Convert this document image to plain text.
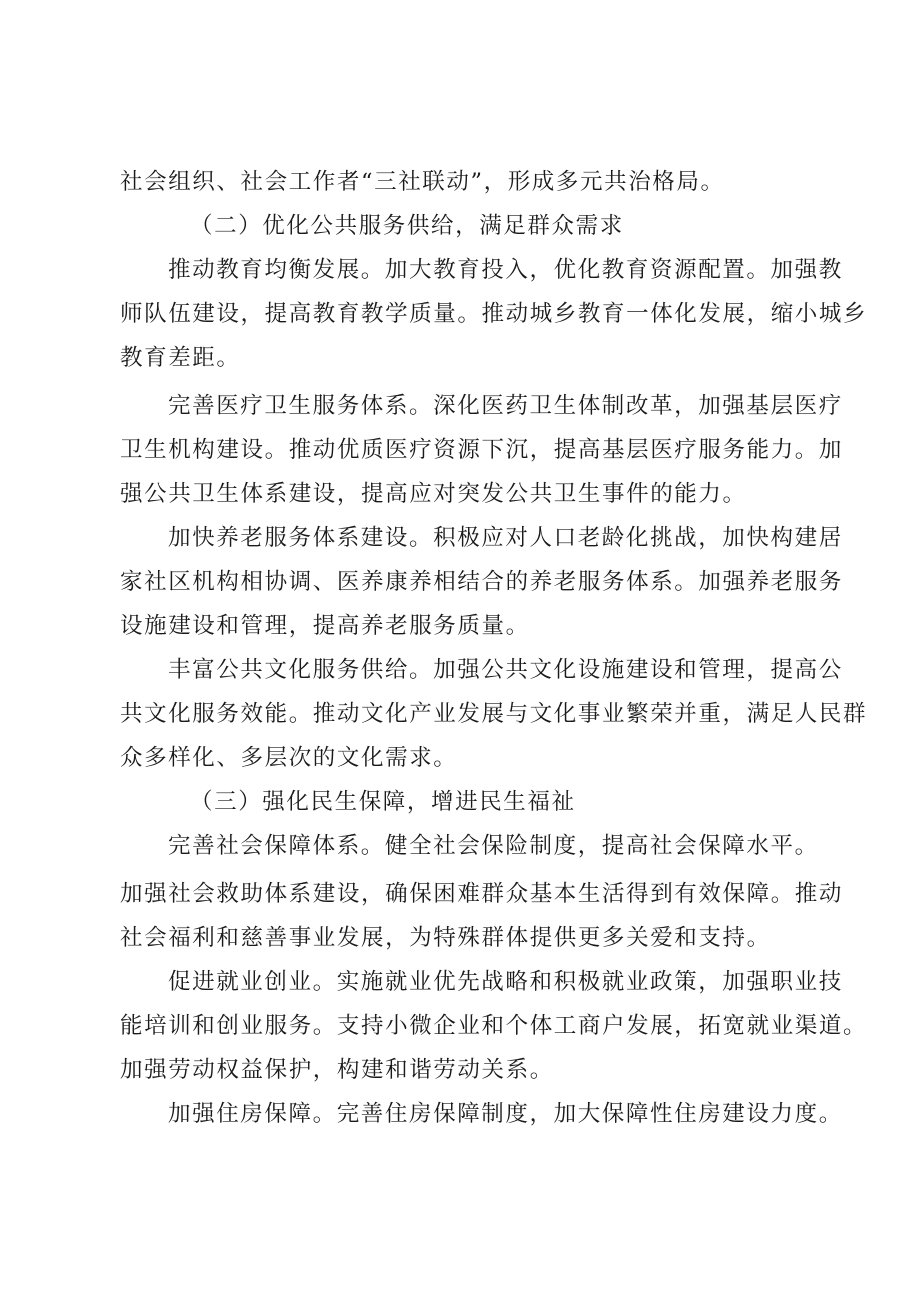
社会组织、社会工作者“三社联动”，形成多元共治格局。
（二）优化公共服务供给，满足群众需求
推动教育均衡发展。加大教育投入，优化教育资源配置。加强教
师队伍建设，提高教育教学质量。推动城乡教育一体化发展，缩小城乡
教育差距。
完善医疗卫生服务体系。深化医药卫生体制改革，加强基层医疗
卫生机构建设。推动优质医疗资源下沉，提高基层医疗服务能力。加
强公共卫生体系建设，提高应对突发公共卫生事件的能力。
加快养老服务体系建设。积极应对人口老龄化挑战，加快构建居
家社区机构相协调、医养康养相结合的养老服务体系。加强养老服务
设施建设和管理，提高养老服务质量。
丰富公共文化服务供给。加强公共文化设施建设和管理，提高公
共文化服务效能。推动文化产业发展与文化事业繁荣并重，满足人民群
众多样化、多层次的文化需求。
（三）强化民生保障，增进民生福祉
完善社会保障体系。健全社会保险制度，提高社会保障水平。
加强社会救助体系建设，确保困难群众基本生活得到有效保障。推动
社会福利和慈善事业发展，为特殊群体提供更多关爱和支持。
促进就业创业。实施就业优先战略和积极就业政策，加强职业技
能培训和创业服务。支持小微企业和个体工商户发展，拓宽就业渠道。
加强劳动权益保护，构建和谐劳动关系。
加强住房保障。完善住房保障制度，加大保障性住房建设力度。
